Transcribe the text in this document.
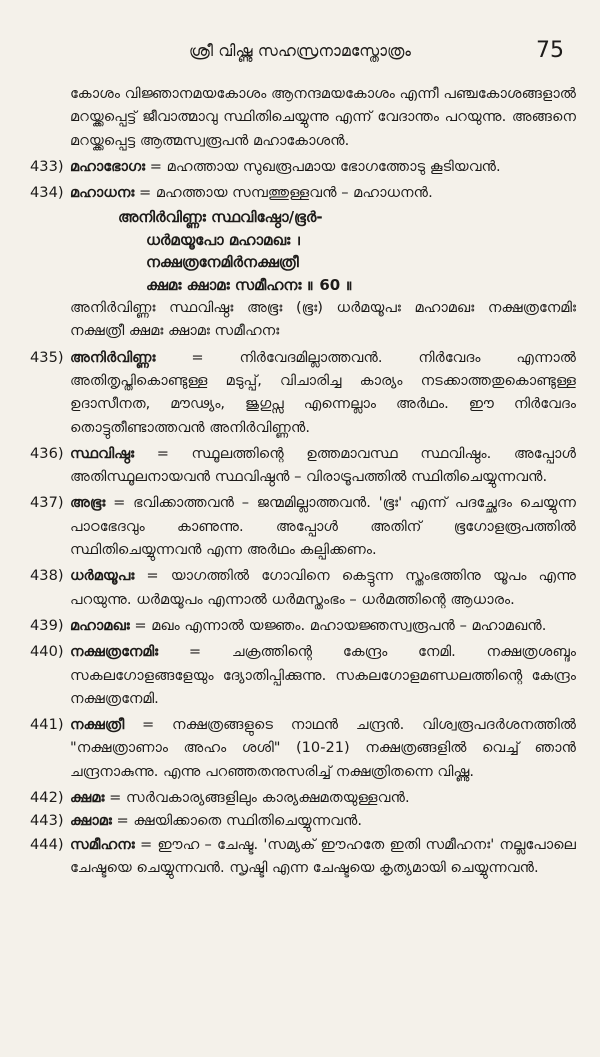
ശ്രീ വിഷ്ണു സഹസ്രനാമസ്തോത്രം	75

കോശം വിജ്ഞാനമയകോശം ആനന്ദമയകോശം എന്നീ പഞ്ചകോശങ്ങളാൽ മറയ്ക്കപ്പെട്ട് ജീവാത്മാവു സ്ഥിതിചെയ്യുന്നു എന്ന് വേദാന്തം പറയുന്നു. അങ്ങനെ മറയ്ക്കപ്പെട്ട ആത്മസ്വരൂപൻ മഹാകോശൻ.

433) മഹാഭോഗഃ = മഹത്തായ സുഖരൂപമായ ഭോഗത്തോടു കൂടിയവൻ.

434) മഹാധനഃ = മഹത്തായ സമ്പത്തുള്ളവൻ – മഹാധനൻ.

അനിർവിണ്ണഃ സ്ഥവിഷ്ഠോ/ഭൂർ-
ധർമയൂപോ മഹാമഖഃ ।
നക്ഷത്രനേമിർനക്ഷത്രീ
ക്ഷമഃ ക്ഷാമഃ സമീഹനഃ ॥ 60 ॥

അനിർവിണ്ണഃ സ്ഥവിഷ്ഠഃ അഭൂഃ (ഭൂഃ) ധർമയൂപഃ മഹാമഖഃ നക്ഷത്രനേമിഃ നക്ഷത്രീ ക്ഷമഃ ക്ഷാമഃ സമീഹനഃ

435) അനിർവിണ്ണഃ = നിർവേദമില്ലാത്തവൻ. നിർവേദം എന്നാൽ അതിതൃപ്തികൊണ്ടുള്ള മടുപ്പ്, വിചാരിച്ച കാര്യം നടക്കാത്തതുകൊണ്ടുള്ള ഉദാസീനത, മൗഢ്യം, ജുഗുപ്സ എന്നെല്ലാം അർഥം. ഈ നിർവേദം തൊട്ടുതീണ്ടാത്തവൻ അനിർവിണ്ണൻ.

436) സ്ഥവിഷ്ഠഃ = സ്ഥൂലത്തിന്റെ ഉത്തമാവസ്ഥ സ്ഥവിഷ്ഠം. അപ്പോൾ അതിസ്ഥൂലനായവൻ സ്ഥവിഷ്ഠൻ – വിരാട്രൂപത്തിൽ സ്ഥിതിചെയ്യുന്നവൻ.

437) അഭൂഃ = ഭവിക്കാത്തവൻ – ജന്മമില്ലാത്തവൻ. 'ഭൂഃ' എന്ന് പദച്ഛേദം ചെയ്യുന്ന പാഠഭേദവും കാണുന്നു. അപ്പോൾ അതിന് ഭൂഗോളരൂപത്തിൽ സ്ഥിതിചെയ്യുന്നവൻ എന്ന അർഥം കല്പിക്കണം.

438) ധർമയൂപഃ = യാഗത്തിൽ ഗോവിനെ കെട്ടുന്ന സ്തംഭത്തിനു യൂപം എന്നു പറയുന്നു. ധർമയൂപം എന്നാൽ ധർമസ്തംഭം – ധർമത്തിന്റെ ആധാരം.

439) മഹാമഖഃ = മഖം എന്നാൽ യജ്ഞം. മഹായജ്ഞസ്വരൂപൻ – മഹാമഖൻ.

440) നക്ഷത്രനേമിഃ = ചക്രത്തിന്റെ കേന്ദ്രം നേമി. നക്ഷത്രശബ്ദം സകലഗോളങ്ങളേയും ദ്യോതിപ്പിക്കുന്നു. സകലഗോളമണ്ഡലത്തിന്റെ കേന്ദ്രം നക്ഷത്രനേമി.

441) നക്ഷത്രീ = നക്ഷത്രങ്ങളുടെ നാഥൻ ചന്ദ്രൻ. വിശ്വരൂപദർശനത്തിൽ "നക്ഷത്രാണാം അഹം ശശി" (10-21) നക്ഷത്രങ്ങളിൽ വെച്ച് ഞാൻ ചന്ദ്രനാകുന്നു. എന്നു പറഞ്ഞതനുസരിച്ച് നക്ഷത്രിതന്നെ വിഷ്ണു.

442) ക്ഷമഃ = സർവകാര്യങ്ങളിലും കാര്യക്ഷമതയുള്ളവൻ.

443) ക്ഷാമഃ = ക്ഷയിക്കാതെ സ്ഥിതിചെയ്യുന്നവൻ.

444) സമീഹനഃ = ഈഹ – ചേഷ്ട. 'സമ്യക് ഈഹതേ ഇതി സമീഹനഃ' നല്ലപോലെ ചേഷ്ടയെ ചെയ്യുന്നവൻ. സൃഷ്ടി എന്ന ചേഷ്ടയെ കൃത്യമായി ചെയ്യുന്നവൻ.
